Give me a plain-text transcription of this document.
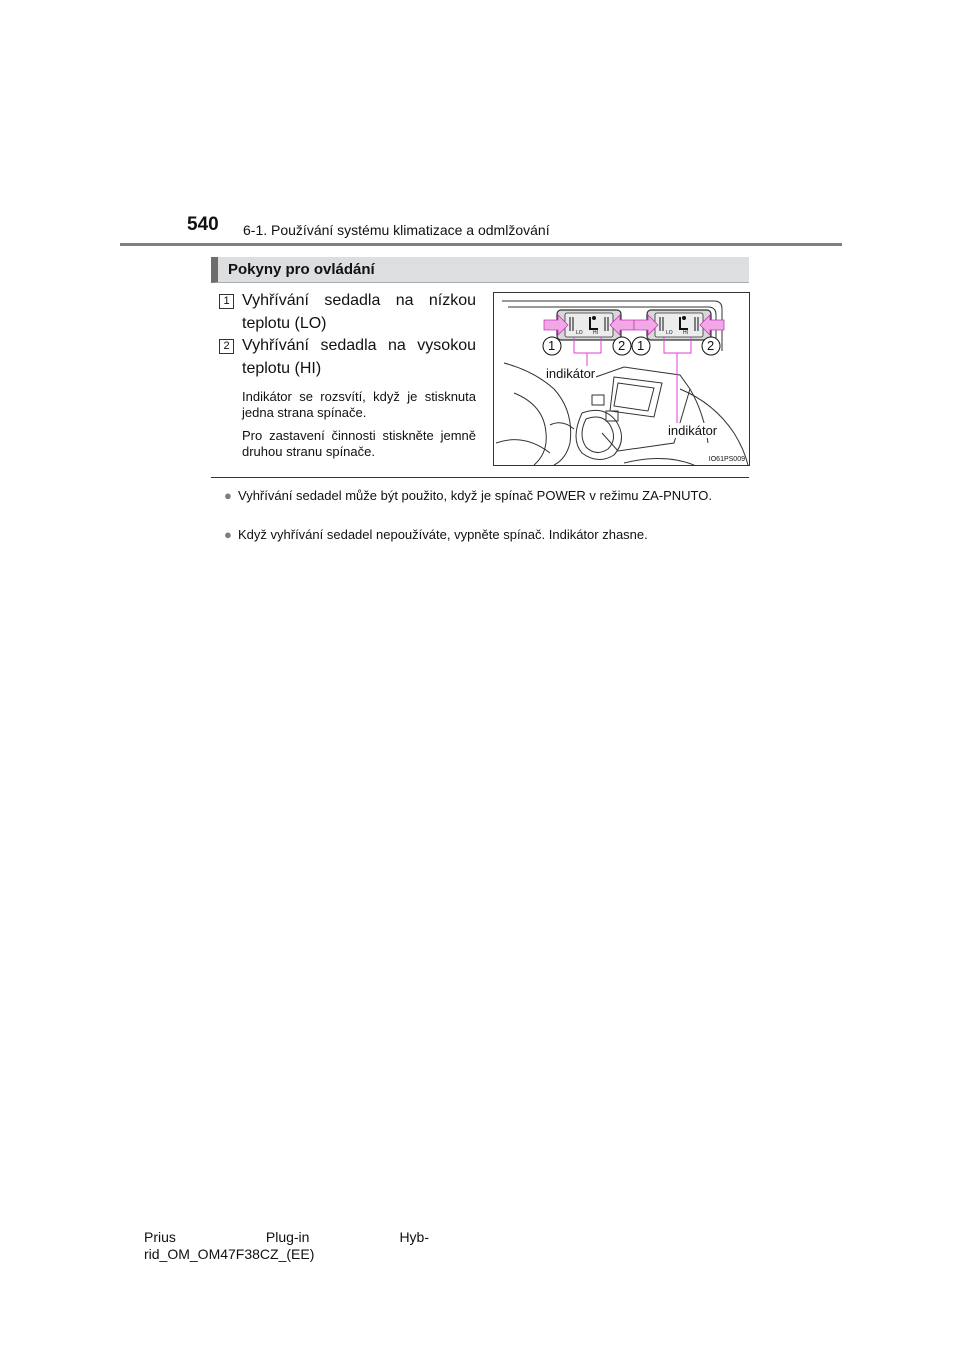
540 6-1. Používání systému klimatizace a odmlžování
Pokyny pro ovládání
1 Vyhřívání sedadla na nízkou teplotu (LO)
2 Vyhřívání sedadla na vysokou teplotu (HI)
Indikátor se rozsvítí, když je stisknuta jedna strana spínače.
Pro zastavení činnosti stiskněte jemně druhou stranu spínače.
LO HI	LO HI
1	2 1	2
indikátor
indikátor
IO61PS009
● Vyhřívání sedadel může být použito, když je spínač POWER v režimu ZA-PNUTO.
● Když vyhřívání sedadel nepoužíváte, vypněte spínač. Indikátor zhasne.
Prius	Plug-in	Hyb-
rid_OM_OM47F38CZ_(EE)
